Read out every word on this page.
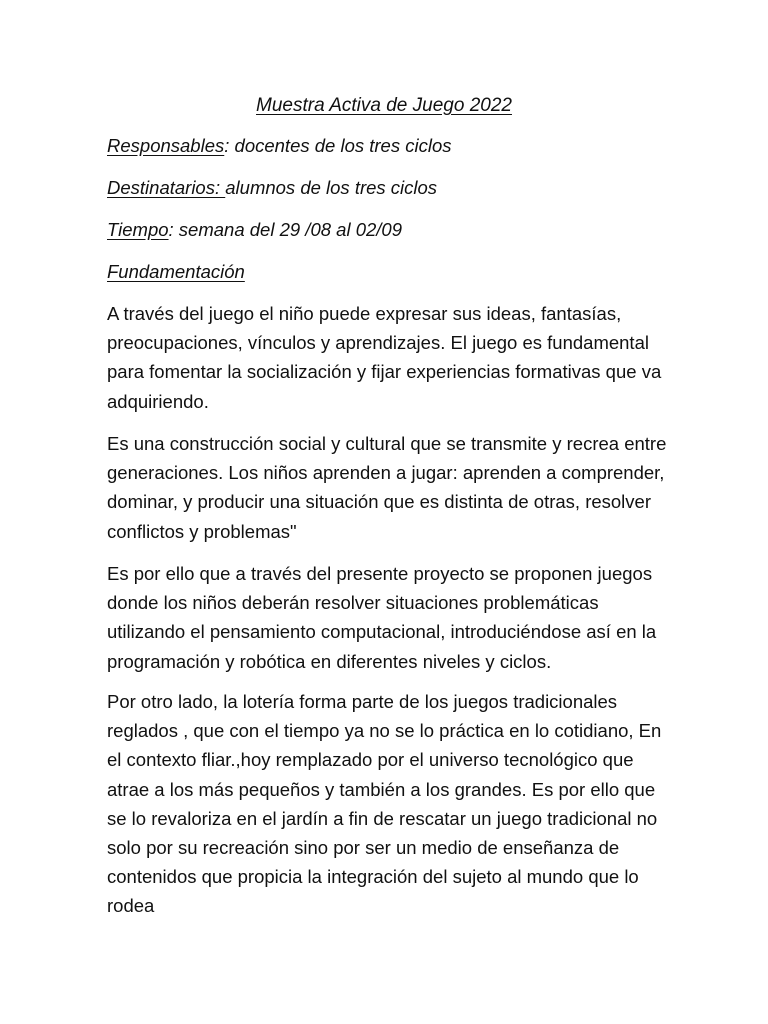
Muestra Activa de Juego 2022
Responsables: docentes de los tres ciclos
Destinatarios: alumnos de los tres ciclos
Tiempo: semana del 29 /08 al 02/09
Fundamentación

A través del juego el niño puede expresar sus ideas, fantasías, preocupaciones, vínculos y aprendizajes. El juego es fundamental para fomentar la socialización y fijar experiencias formativas que va adquiriendo.

Es una construcción social y cultural que se transmite y recrea entre generaciones. Los niños aprenden a jugar: aprenden a comprender, dominar, y producir una situación que es distinta de otras, resolver conflictos y problemas"

Es por ello que a través del presente proyecto se proponen juegos donde los niños deberán resolver situaciones problemáticas utilizando el pensamiento computacional, introduciéndose así en la programación y robótica en diferentes niveles y ciclos.

Por otro lado, la lotería forma parte de los juegos tradicionales reglados , que con el tiempo ya no se lo práctica en lo cotidiano, En el contexto fliar.,hoy remplazado por el universo tecnológico que atrae a los más pequeños y también a los grandes. Es por ello que se lo revaloriza en el jardín a fin de rescatar un juego tradicional no solo por su recreación sino por ser un medio de enseñanza de contenidos que propicia la integración del sujeto al mundo que lo rodea
